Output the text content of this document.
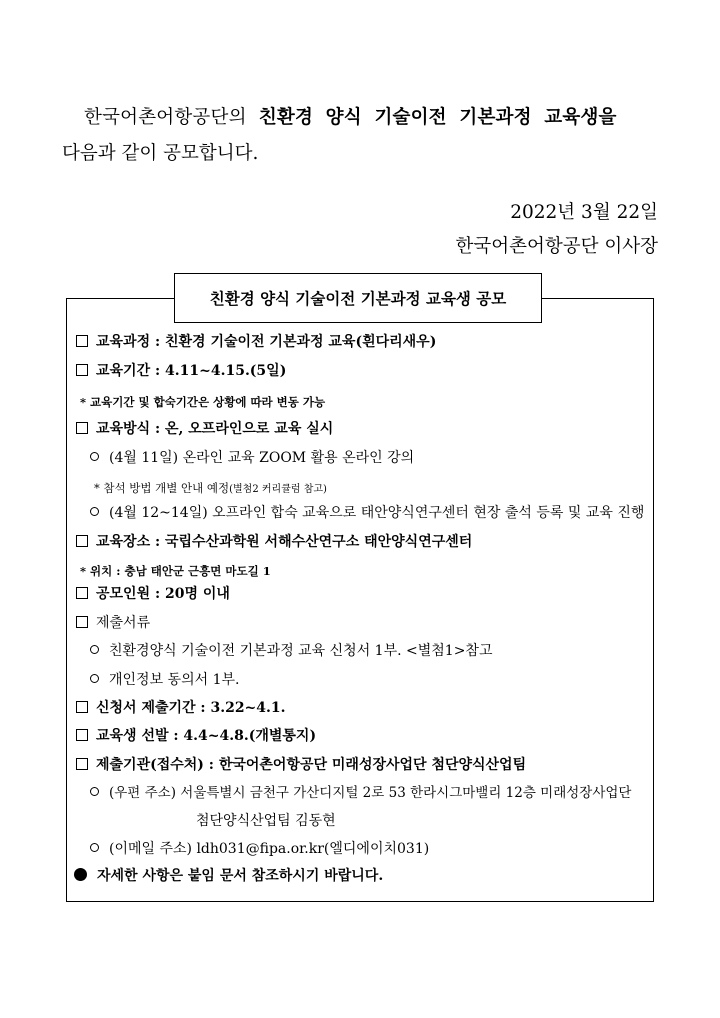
한국어촌어항공단의 친환경 양식 기술이전 기본과정 교육생을
다음과 같이 공모합니다.
2022년 3월 22일
한국어촌어항공단 이사장
친환경 양식 기술이전 기본과정 교육생 공모
교육과정 : 친환경 기술이전 기본과정 교육(흰다리새우)
교육기간 : 4.11~4.15.(5일)
* 교육기간 및 합숙기간은 상황에 따라 변동 가능
교육방식 : 온, 오프라인으로 교육 실시
(4월 11일) 온라인 교육 ZOOM 활용 온라인 강의
* 참석 방법 개별 안내 예정(별첨2 커리큘럼 참고)
(4월 12~14일) 오프라인 합숙 교육으로 태안양식연구센터 현장 출석 등록 및 교육 진행
교육장소 : 국립수산과학원 서해수산연구소 태안양식연구센터
* 위치 : 충남 태안군 근흥면 마도길 1
공모인원 : 20명 이내
제출서류
친환경양식 기술이전 기본과정 교육 신청서 1부. <별첨1>참고
개인정보 동의서 1부.
신청서 제출기간 : 3.22~4.1.
교육생 선발 : 4.4~4.8.(개별통지)
제출기관(접수처) : 한국어촌어항공단 미래성장사업단 첨단양식산업팀
(우편 주소) 서울특별시 금천구 가산디지털 2로 53 한라시그마밸리 12층 미래성장사업단
첨단양식산업팀 김동현
(이메일 주소) ldh031@fipa.or.kr(엘디에이치031)
자세한 사항은 붙임 문서 참조하시기 바랍니다.
